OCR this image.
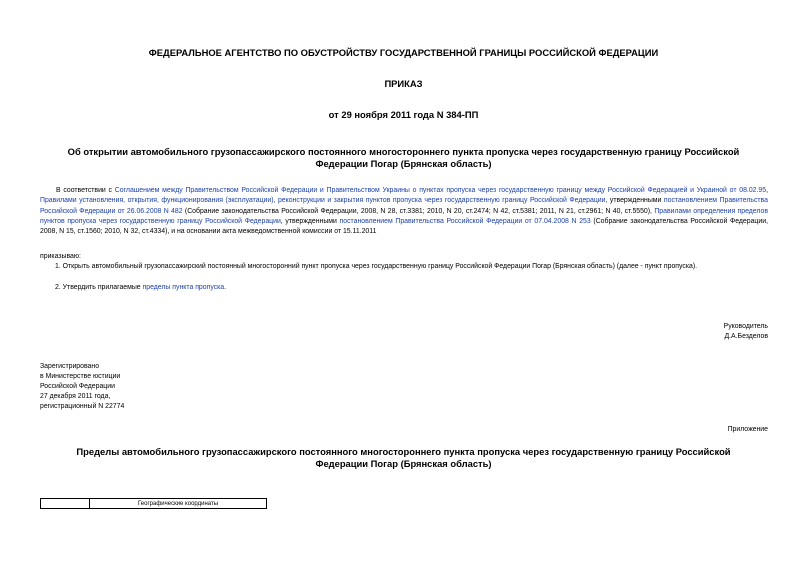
ФЕДЕРАЛЬНОЕ АГЕНТСТВО ПО ОБУСТРОЙСТВУ ГОСУДАРСТВЕННОЙ ГРАНИЦЫ РОССИЙСКОЙ ФЕДЕРАЦИИ
ПРИКАЗ
от 29 ноября 2011 года N 384-ПП
Об открытии автомобильного грузопассажирского постоянного многостороннего пункта пропуска через государственную границу Российской Федерации Погар (Брянская область)
В соответствии с Соглашением между Правительством Российской Федерации и Правительством Украины о пунктах пропуска через государственную границу между Российской Федерацией и Украиной от 08.02.95, Правилами установления, открытия, функционирования (эксплуатации), реконструкции и закрытия пунктов пропуска через государственную границу Российской Федерации, утвержденными постановлением Правительства Российской Федерации от 26.06.2008 N 482 (Собрание законодательства Российской Федерации, 2008, N 28, ст.3381; 2010, N 20, ст.2474; N 42, ст.5381; 2011, N 21, ст.2961; N 40, ст.5550), Правилами определения пределов пунктов пропуска через государственную границу Российской Федерации, утвержденными постановлением Правительства Российской Федерации от 07.04.2008 N 253 (Собрание законодательства Российской Федерации, 2008, N 15, ст.1560; 2010, N 32, ст.4334), и на основании акта межведомственной комиссии от 15.11.2011
приказываю:
1. Открыть автомобильный грузопассажирский постоянный многосторонний пункт пропуска через государственную границу Российской Федерации Погар (Брянская область) (далее - пункт пропуска).
2. Утвердить прилагаемые пределы пункта пропуска.
Руководитель
Д.А.Безделов
Зарегистрировано
в Министерстве юстиции
Российской Федерации
27 декабря 2011 года,
регистрационный N 22774
Приложение
Пределы автомобильного грузопассажирского постоянного многостороннего пункта пропуска через государственную границу Российской Федерации Погар (Брянская область)
	Географические координаты
